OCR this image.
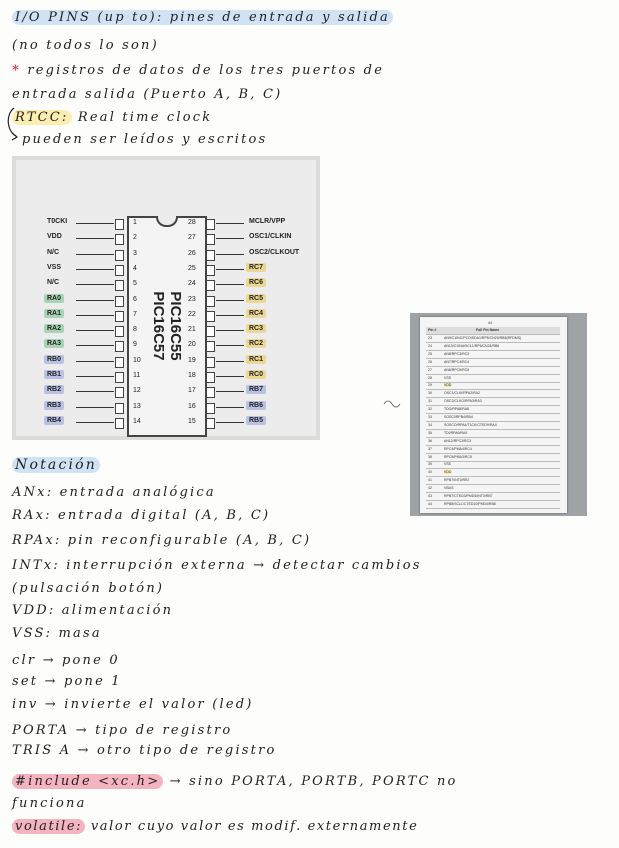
I/O PINS (up to): pines de entrada y salida
(no todos lo son)
* registros de datos de los tres puertos de
entrada salida (Puerto A, B, C)
RTCC: Real time clock
pueden ser leídos y escritos
PIC16C55
PIC16C57
T0CKI	1
VDD	2
N/C	3
VSS	4
N/C	5
RA0	6
RA1	7
RA2	8
RA3	9
RB0	10
RB1	11
RB2	12
RB3	13
RB4	14
28	MCLR/VPP
27	OSC1/CLKIN
26	OSC2/CLKOUT
25	RC7
24	RC6
23	RC5
22	RC4
21	RC3
20	RC2
19	RC1
18	RC0
17	RB7
16	RB6
15	RB5
44
Pin #	Full Pin Name
23	AN9/C1INC/PCO/SDA1/RP5/CN20/RB5(RFDMS)
24	AN10/C1INA/SCL1/RP6/CN24/RB6
25	AN8/RPC3/RC3
26	AN7/RPC4/RC4
27	AN6/RPC5/RC5
28	VSS
29	VDD
30	OSC1/CLKI/RPA2/RA2
31	OSC2/CLKO/RPA3/RA3
32	TDO/RPA8/RA8
33	SOSCI/RPB4/RB4
34	SOSCO/RPA4/T1CK/CTED9/RA4
35	TDI/RPA9/RA9
36	AN12/RPC3/RC3
37	RPC4/PMA4/RC4
38	RPC5/PMA3/RC5
39	VSS
40	VDD
41	RPB7/INT0/RB7
42	VBUS
43	RPB7/CTED3/PMD5/INT0/RB7
44	RPB8/SCL1/CTED10/PMD4/RB8
Notación
ANx: entrada analógica
RAx: entrada digital (A, B, C)
RPAx: pin reconfigurable (A, B, C)
INTx: interrupción externa → detectar cambios
(pulsación botón)
VDD: alimentación
VSS: masa
clr → pone 0
set → pone 1
inv → invierte el valor (led)
PORTA → tipo de registro
TRIS A → otro tipo de registro
#include <xc.h> → sino PORTA, PORTB, PORTC no
funciona
volatile: valor cuyo valor es modif. externamente
